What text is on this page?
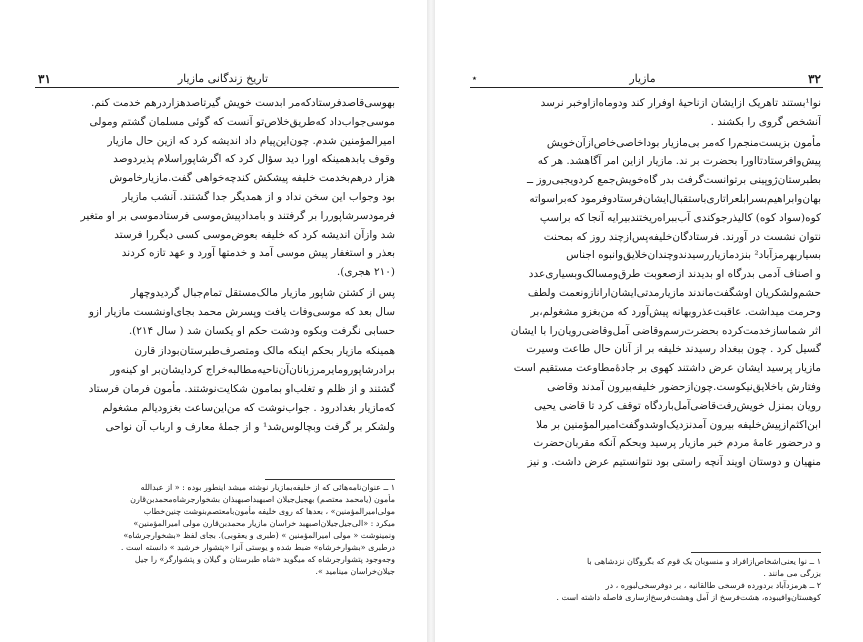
تاریخ زندگانی مازیار
۳۱

بهوسی‌قاصدفرستادکه‌مر ابدست خویش گیرتاصدهزاردرهم خدمت کنم.
موسی‌جواب‌داد که‌طریق‌خلاص‌تو آنست که گوئی مسلمان گشتم ومولی
امیرالمؤمنین شدم. چون‌این‌پیام داد اندیشه کرد که ازین حال مازیار
وقوف یابدهمینکه اورا دید سؤال کرد که اگرشاپورا‌سلام پذیردوصد
هزار درهم‌بخدمت خلیفه پیشکش کندچه‌خواهی گفت.مازیارخاموش
بود وجواب این سخن نداد و از همدیگر جدا گشتند. آنشب مازیار
فرمودسرشاپوررا بر گرفتند و بامدادپیش‌موسی فرستادموسی بر او متغیر
شد وازآن اندیشه کرد که خلیفه بعوض‌موسی کسی دیگررا فرستد
بعذر و استغفار پیش موسی آمد و خدمتها آورد و عهد تازه کردند
(۲۱۰ هجری).

پس از کشتن شاپور مازیار مالک‌مستقل تمام‌جبال گردیدوچهار
سال بعد که موسی‌وفات یافت وپسرش محمد بجای‌او‌نشست مازیار ازو
حسابی نگرفت وبکوه ودشت حکم او یکسان شد ( سال ۲۱۴).

همینکه مازیار بحکم اینکه مالک ومتصرف‌طبرستان‌بوداز قارن
برادرشاپورومایرمرزبانان‌آن‌ناحیه‌مطالبه‌خراج کردایشان‌بر او کینه‌ور
گشتند و از ظلم و تغلب‌او بمامون شکایت‌نوشتند. مأمون فرمان فرستاد
که‌مازیار بغدادرود . جواب‌نوشت که من‌این‌ساعت بغزودیالم مشغولم
ولشکر بر گرفت وبچالوس‌شد¹ و از جملهٔ معارف و ارباب آن نواحی

۱ ــ عنوان‌نامه‌هائی که از خلیفه‌بمازیار نوشته میشد اینطور بوده : « از عبدالله
مأمون (یامحمد معتصم) بهجیل‌جیلان اصبهبد‌اصبهبذان بشخوار‌جرشاه‌محمدبن‌قارن
مولی‌امیرالمؤمنین» ، بعدها که روی خلیفه مأمون‌بامعتصم‌بنوشت چنین‌خطاب
میکرد : «الی‌جیل‌جیلان‌اصبهبد خراسان مازیار محمدبن‌قارن مولی امیرالمؤمنین»
ونمینوشت « مولی امیرالمؤمنین » (طبری و یعقوبی). بجای لفظ «بشخوارجرشاه»
درطبری «بشوارخرشاه» ضبط شده و یوستی آنرا «پتشوار خرشید » دانسته است .
وجه‌وجود پتشوار‌جرشاه که میگوید «شاه طبرستان و گیلان و پتشوارگر» را جیل
جیلان‌خراسان میناميد ».
۳۲
مازیار
٭

نوا¹بستند تاهریک ازایشان ازناحیهٔ اوفرار کند ودوماه‌ازاوخبر نرسد
آنشخص گروی را بکشند .

مأمون بزیست‌منجم‌را که‌مر بی‌مازیار بوداخاصی‌خاص‌از‌آن‌خویش
پیش‌وافرستادتااورا بحضرت بر ند. مازیار ازاین امر آگاهشد. هر که
بطبرستان‌ژوپینی بر‌توانست‌گرفت بدر گاه‌خویش‌جمع کردویجبی‌روز ــ
بهان‌وابراهیم‌بسر‌ابلعراتاری‌باستقبال‌ایشان‌فرستادوفرمود که‌بر‌اسواته
کوه‌(سواد کوه) کالیذرجوکندی آب‌ببراه‌ریختندبیرایه آنجا که براسپ
نتوان نشست در آورند. فرستادگان‌خلیفه‌پس‌از‌چند روز که بمحنت
بسیار‌بهرمزآباد² بنزدمازیار‌رسیدندوچندان‌خلایق‌وانبوه اجناس
و اصناف آدمی بدرگاه او بدیدند ازصعوبت طرق‌ومسالک‌وبسیاری‌عدد
حشم‌ولشکریان اوشگفت‌ماندند مازیارمدتی‌ایشان‌ارانازونعمت ولطف
وحرمت میداشت. عاقبت‌عذروبهانه پیش‌آورد که من‌بغزو مشغولم،بر
اثر شما‌سازخدمت‌کرده بحضرت‌رسم‌وقاضی آمل‌وقاضی‌رویان‌را با ایشان
گسیل کرد . چون ببغداد رسیدند خلیفه بر از آنان حال طاعت وسیرت
مازیار پرسید ایشان عرض داشتند کهوی بر جادهٔ‌مطاوعت مستقیم است
وفتارش باخلایق‌نیکوست.چون‌ازحضور خلیفه‌بیرون آمدند وقاضی
رویان بمنزل خویش‌رفت‌قاضی‌آمل‌باردگاه توقف کرد تا قاضی یحیی
ابن‌اکثم‌ازپیش‌خلیفه بیرون آمد‌نزدیک‌اوشدو‌گفت‌امیرالمؤمنین بر ملا
و درحضور عامهٔ مردم خبر مازیار پرسید وبحکم آنکه مقربان‌حضرت
منهیان و دوستان اویند آنچه راستی بود نتوانستیم عرض داشت. و نیز

۱ ــ نوا یعنی‌اشخاص‌ازافراد و منسوبان یک قوم که بگروگان نزدشاهی با
بزرگی می مانند .
۲ ــ هرمزدآباد بر‌دو‌رده فرسخی طالقانیه ، بر دوفرسخی‌لبوره ، در
کوهستان‌وافیبوده، هشت‌فرسخ از آمل وهشت‌فرسخ‌ازساری فاصله داشته است .
